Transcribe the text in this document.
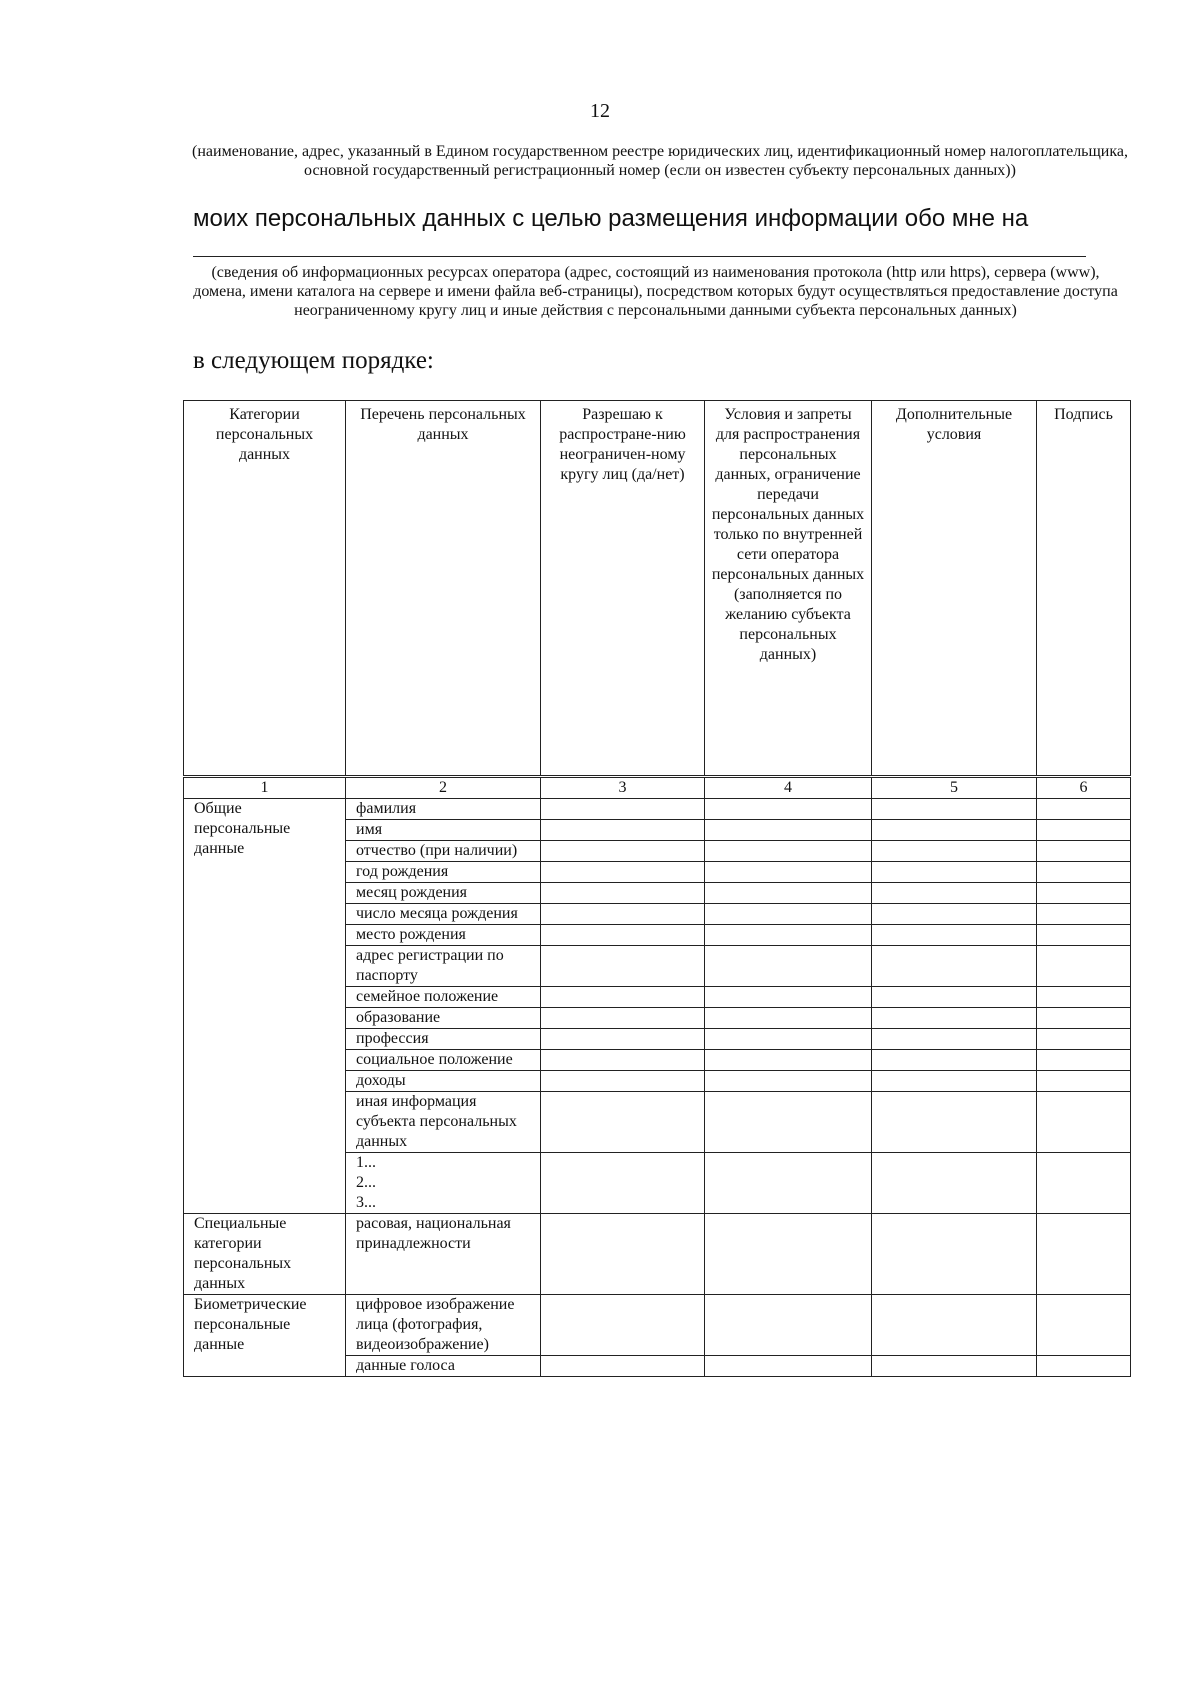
12
(наименование, адрес, указанный в Едином государственном реестре юридических лиц, идентификационный номер налогоплательщика, основной государственный регистрационный номер (если он известен субъекту персональных данных))
моих персональных данных с целью размещения информации обо мне на
(сведения об информационных ресурсах оператора (адрес, состоящий из наименования протокола (http или https), сервера (www), домена, имени каталога на сервере и имени файла веб-страницы), посредством которых будут осуществляться предоставление доступа неограниченному кругу лиц и иные действия с персональными данными субъекта персональных данных)
в следующем порядке:
Категории персональных данных	Перечень персональных данных	Разрешаю к распростране-нию неограничен-ному кругу лиц (да/нет)	Условия и запреты для распространения персональных данных, ограничение передачи персональных данных только по внутренней сети оператора персональных данных (заполняется по желанию субъекта персональных данных)	Дополнительные условия	Подпись
1	2	3	4	5	6
Общие персональные данные	фамилия				
	имя				
	отчество (при наличии)				
	год рождения				
	месяц рождения				
	число месяца рождения				
	место рождения				
	адрес регистрации по паспорту				
	семейное положение				
	образование				
	профессия				
	социальное положение				
	доходы				
	иная информация субъекта персональных данных				

	1...
2...
3...				

Специальные категории персональных данных	расовая, национальная принадлежности				
Биометрические персональные данные	цифровое изображение лица (фотография, видеоизображение)				
	данные голоса				
